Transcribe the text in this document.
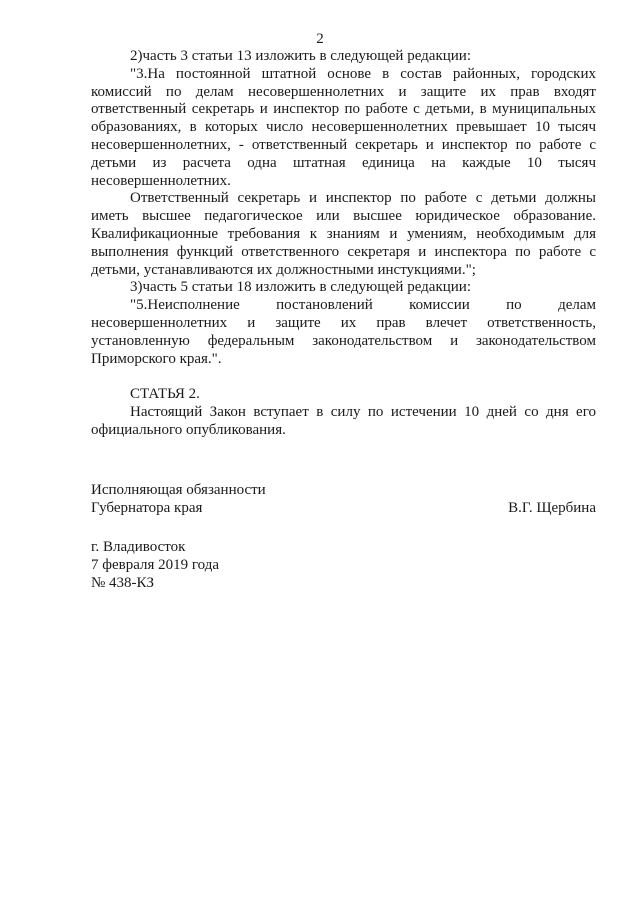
2

2)часть 3 статьи 13 изложить в следующей редакции:

"3.На постоянной штатной основе в состав районных, городских комиссий по делам несовершеннолетних и защите их прав входят ответственный секретарь и инспектор по работе с детьми, в муниципальных образованиях, в которых число несовершеннолетних превышает 10 тысяч несовершеннолетних, - ответственный секретарь и инспектор по работе с детьми из расчета одна штатная единица на каждые 10 тысяч несовершеннолетних.

Ответственный секретарь и инспектор по работе с детьми должны иметь высшее педагогическое или высшее юридическое образование. Квалификационные требования к знаниям и умениям, необходимым для выполнения функций ответственного секретаря и инспектора по работе с детьми, устанавливаются их должностными инстукциями.";

3)часть 5 статьи 18 изложить в следующей редакции:

"5.Неисполнение постановлений комиссии по делам несовершеннолетних и защите их прав влечет ответственность, установленную федеральным законодательством и законодательством Приморского края.".

СТАТЬЯ 2.

Настоящий Закон вступает в силу по истечении 10 дней со дня его официального опубликования.

Исполняющая обязанности
Губернатора края	В.Г. Щербина
г. Владивосток
7 февраля 2019 года
№ 438-КЗ
